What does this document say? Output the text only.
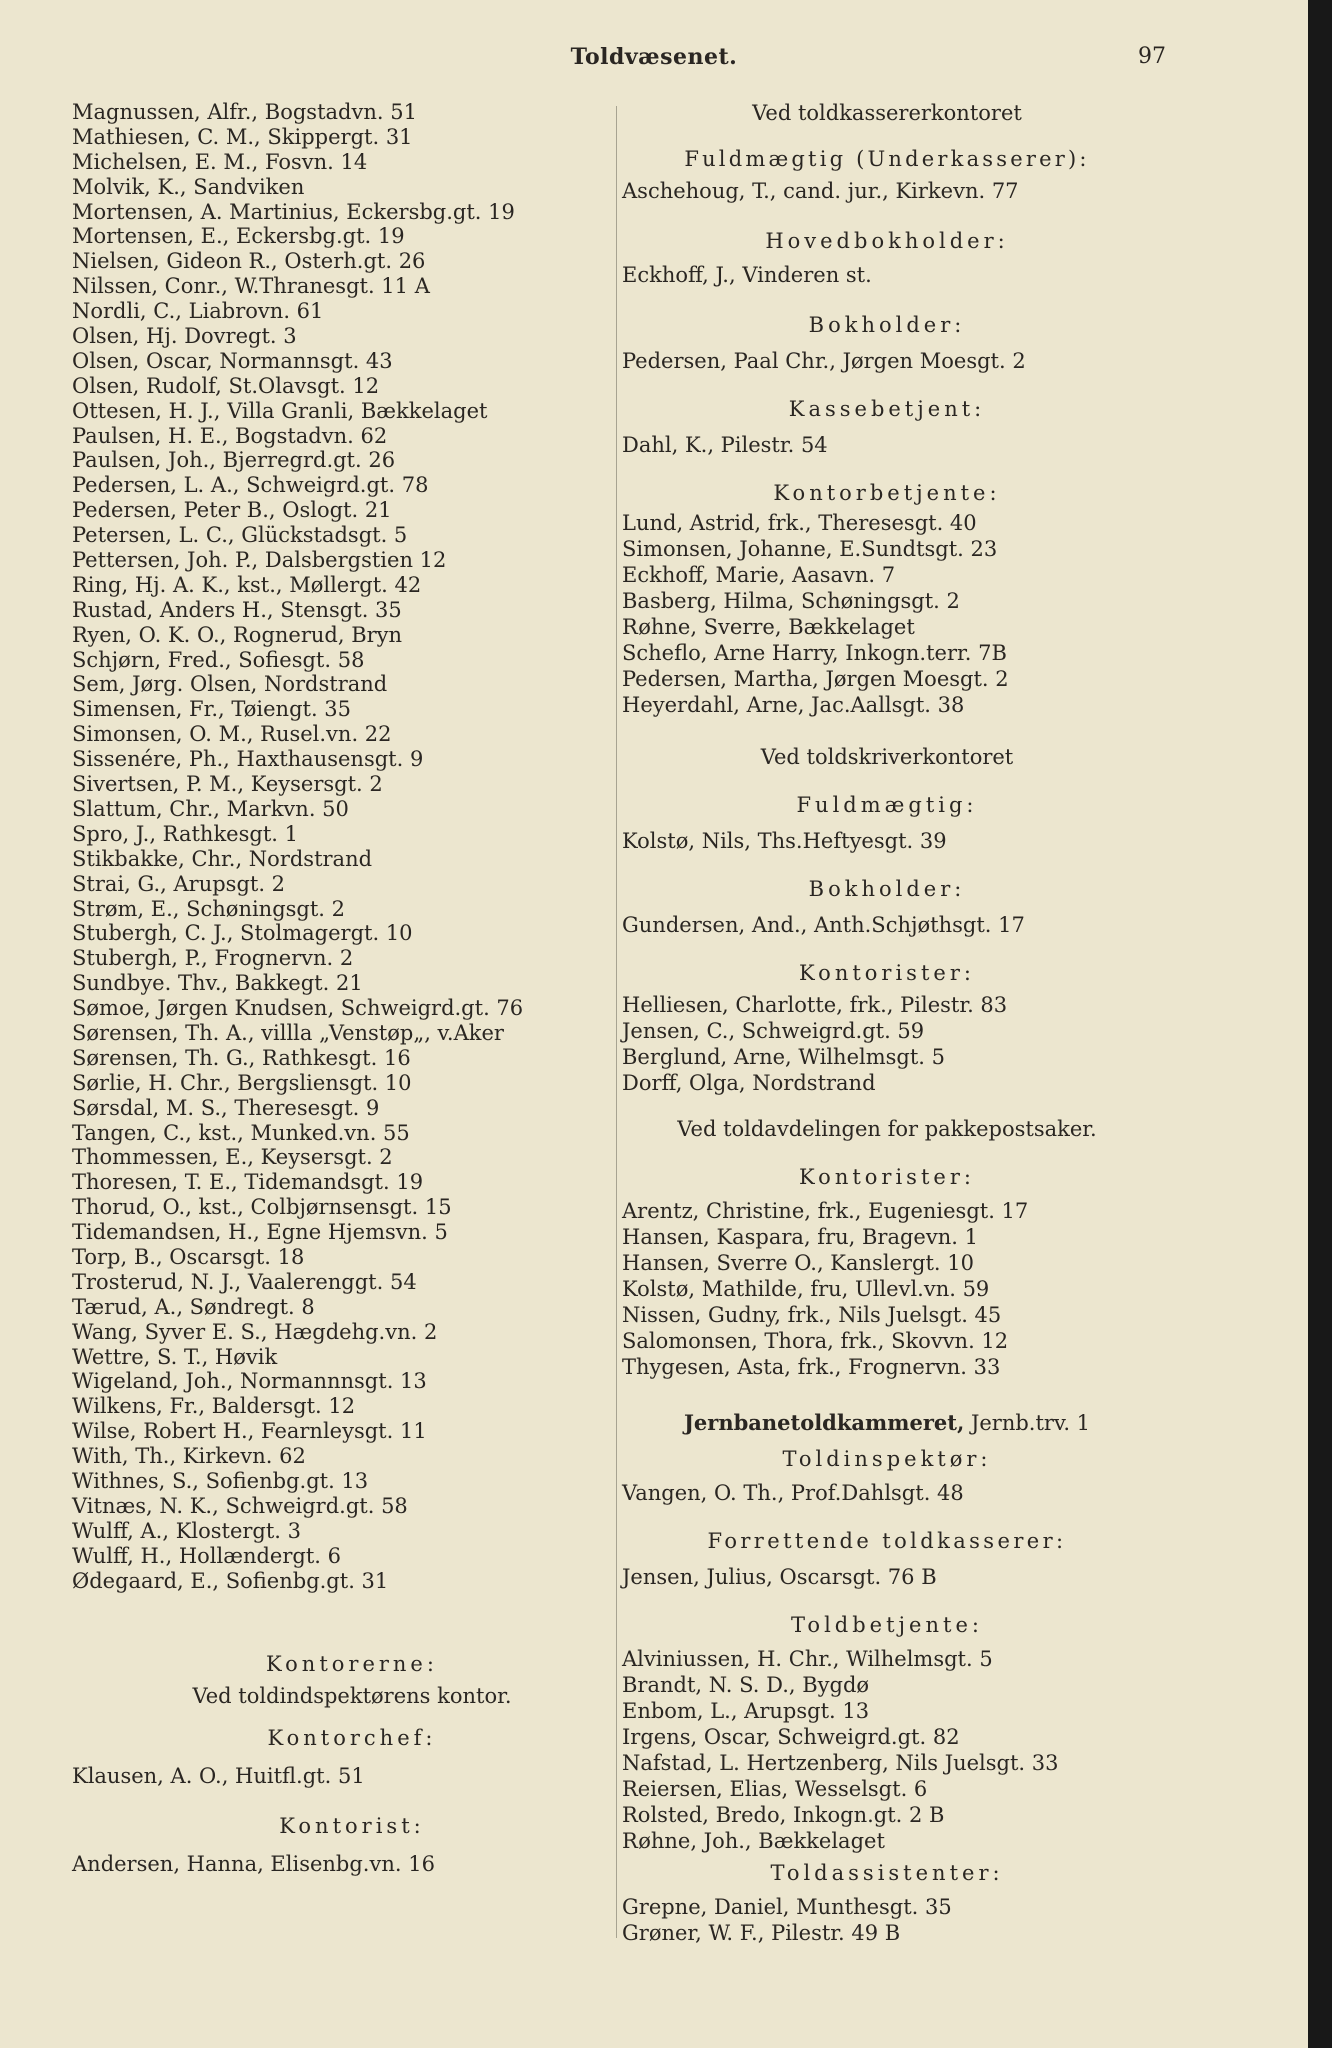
Toldvæsenet.	97
Magnussen, Alfr., Bogstadvn. 51
Mathiesen, C. M., Skippergt. 31
Michelsen, E. M., Fosvn. 14
Molvik, K., Sandviken
Mortensen, A. Martinius, Eckersbg.gt. 19
Mortensen, E., Eckersbg.gt. 19
Nielsen, Gideon R., Osterh.gt. 26
Nilssen, Conr., W.Thranesgt. 11 A
Nordli, C., Liabrovn. 61
Olsen, Hj. Dovregt. 3
Olsen, Oscar, Normannsgt. 43
Olsen, Rudolf, St.Olavsgt. 12
Ottesen, H. J., Villa Granli, Bækkelaget
Paulsen, H. E., Bogstadvn. 62
Paulsen, Joh., Bjerregrd.gt. 26
Pedersen, L. A., Schweigrd.gt. 78
Pedersen, Peter B., Oslogt. 21
Petersen, L. C., Glückstadsgt. 5
Pettersen, Joh. P., Dalsbergstien 12
Ring, Hj. A. K., kst., Møllergt. 42
Rustad, Anders H., Stensgt. 35
Ryen, O. K. O., Rognerud, Bryn
Schjørn, Fred., Sofiesgt. 58
Sem, Jørg. Olsen, Nordstrand
Simensen, Fr., Tøiengt. 35
Simonsen, O. M., Rusel.vn. 22
Sissenére, Ph., Haxthausensgt. 9
Sivertsen, P. M., Keysersgt. 2
Slattum, Chr., Markvn. 50
Spro, J., Rathkesgt. 1
Stikbakke, Chr., Nordstrand
Strai, G., Arupsgt. 2
Strøm, E., Schøningsgt. 2
Stubergh, C. J., Stolmagergt. 10
Stubergh, P., Frognervn. 2
Sundbye. Thv., Bakkegt. 21
Sømoe, Jørgen Knudsen, Schweigrd.gt. 76
Sørensen, Th. A., villla „Venstøp„, v.Aker
Sørensen, Th. G., Rathkesgt. 16
Sørlie, H. Chr., Bergsliensgt. 10
Sørsdal, M. S., Theresesgt. 9
Tangen, C., kst., Munked.vn. 55
Thommessen, E., Keysersgt. 2
Thoresen, T. E., Tidemandsgt. 19
Thorud, O., kst., Colbjørnsensgt. 15
Tidemandsen, H., Egne Hjemsvn. 5
Torp, B., Oscarsgt. 18
Trosterud, N. J., Vaalerenggt. 54
Tærud, A., Søndregt. 8
Wang, Syver E. S., Hægdehg.vn. 2
Wettre, S. T., Høvik
Wigeland, Joh., Normannnsgt. 13
Wilkens, Fr., Baldersgt. 12
Wilse, Robert H., Fearnleysgt. 11
With, Th., Kirkevn. 62
Withnes, S., Sofienbg.gt. 13
Vitnæs, N. K., Schweigrd.gt. 58
Wulff, A., Klostergt. 3
Wulff, H., Hollændergt. 6
Ødegaard, E., Sofienbg.gt. 31
Kontorerne:
Ved toldindspektørens kontor.
Kontorchef:
Klausen, A. O., Huitfl.gt. 51
Kontorist:
Andersen, Hanna, Elisenbg.vn. 16
Ved toldkassererkontoret
Fuldmægtig (Underkasserer):
Aschehoug, T., cand. jur., Kirkevn. 77
Hovedbokholder:
Eckhoff, J., Vinderen st.
Bokholder:
Pedersen, Paal Chr., Jørgen Moesgt. 2
Kassebetjent:
Dahl, K., Pilestr. 54
Kontorbetjente:
Lund, Astrid, frk., Theresesgt. 40
Simonsen, Johanne, E.Sundtsgt. 23
Eckhoff, Marie, Aasavn. 7
Basberg, Hilma, Schøningsgt. 2
Røhne, Sverre, Bækkelaget
Scheflo, Arne Harry, Inkogn.terr. 7B
Pedersen, Martha, Jørgen Moesgt. 2
Heyerdahl, Arne, Jac.Aallsgt. 38
Ved toldskriverkontoret
Fuldmægtig:
Kolstø, Nils, Ths.Heftyesgt. 39
Bokholder:
Gundersen, And., Anth.Schjøthsgt. 17
Kontorister:
Helliesen, Charlotte, frk., Pilestr. 83
Jensen, C., Schweigrd.gt. 59
Berglund, Arne, Wilhelmsgt. 5
Dorff, Olga, Nordstrand
Ved toldavdelingen for pakkepostsaker.
Kontorister:
Arentz, Christine, frk., Eugeniesgt. 17
Hansen, Kaspara, fru, Bragevn. 1
Hansen, Sverre O., Kanslergt. 10
Kolstø, Mathilde, fru, Ullevl.vn. 59
Nissen, Gudny, frk., Nils Juelsgt. 45
Salomonsen, Thora, frk., Skovvn. 12
Thygesen, Asta, frk., Frognervn. 33
Jernbanetoldkammeret, Jernb.trv. 1
Toldinspektør:
Vangen, O. Th., Prof.Dahlsgt. 48
Forrettende toldkasserer:
Jensen, Julius, Oscarsgt. 76 B
Toldbetjente:
Alviniussen, H. Chr., Wilhelmsgt. 5
Brandt, N. S. D., Bygdø
Enbom, L., Arupsgt. 13
Irgens, Oscar, Schweigrd.gt. 82
Nafstad, L. Hertzenberg, Nils Juelsgt. 33
Reiersen, Elias, Wesselsgt. 6
Rolsted, Bredo, Inkogn.gt. 2 B
Røhne, Joh., Bækkelaget
Toldassistenter:
Grepne, Daniel, Munthesgt. 35
Grøner, W. F., Pilestr. 49 B
